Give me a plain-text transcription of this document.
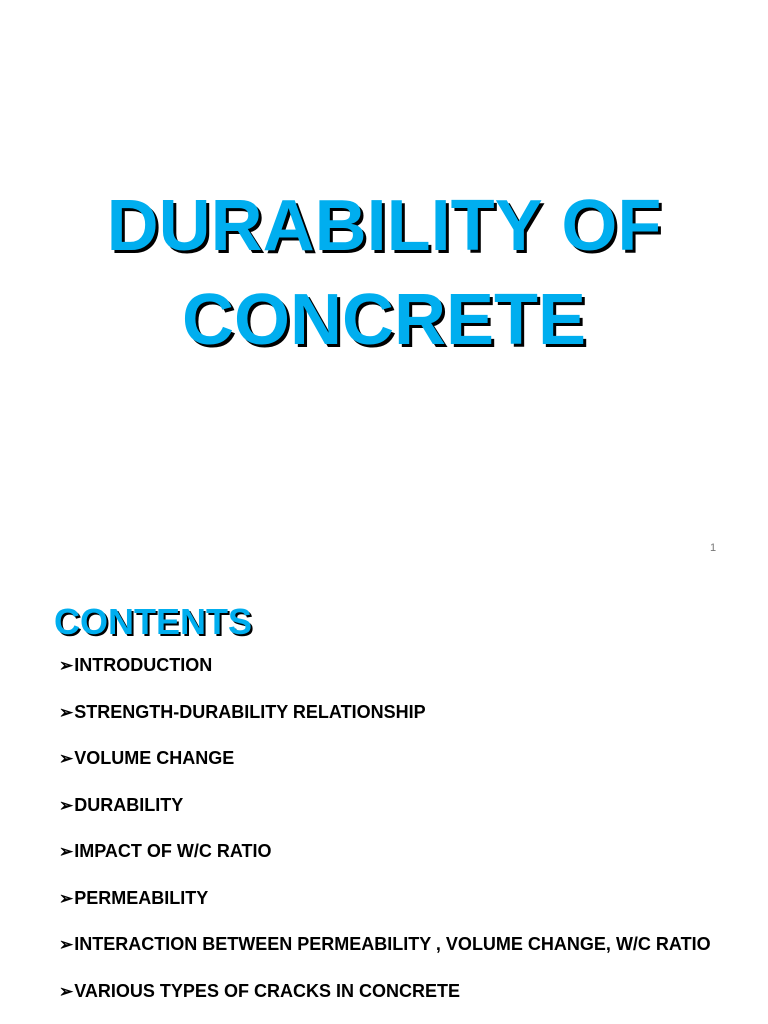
DURABILITY OF
CONCRETE
1
CONTENTS
➢INTRODUCTION
➢STRENGTH-DURABILITY RELATIONSHIP
➢VOLUME CHANGE
➢DURABILITY
➢IMPACT OF W/C RATIO
➢PERMEABILITY
➢INTERACTION BETWEEN PERMEABILITY , VOLUME CHANGE, W/C RATIO
➢VARIOUS TYPES OF CRACKS IN CONCRETE
